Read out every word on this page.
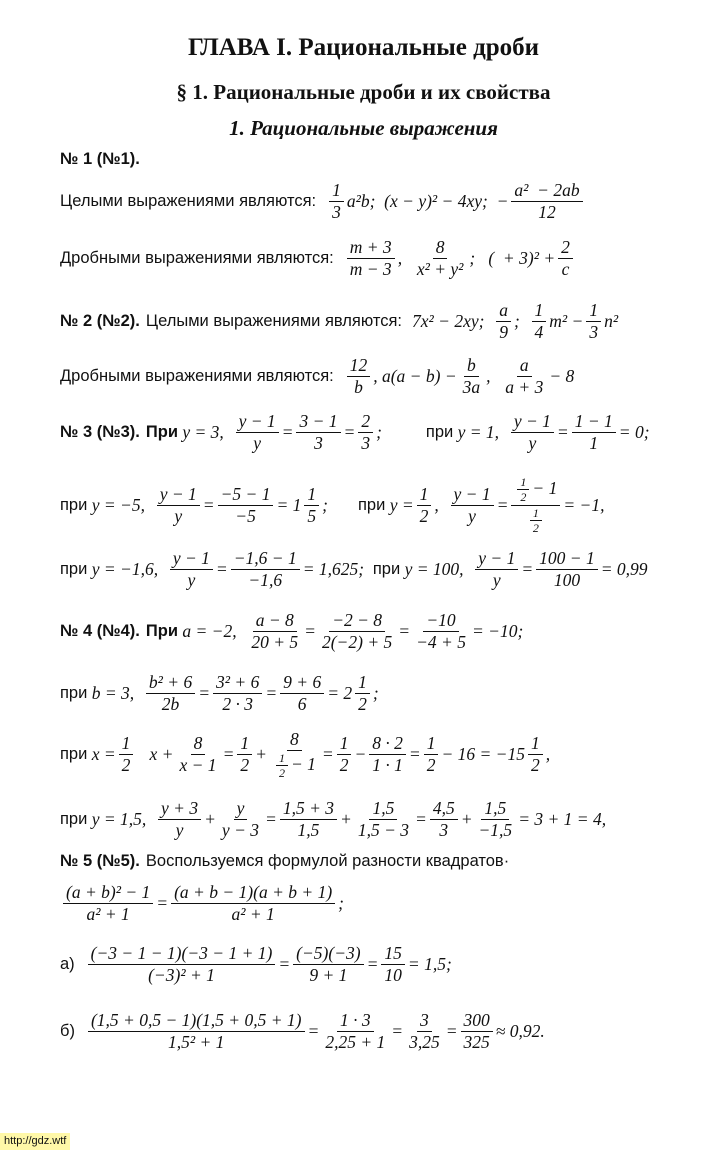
ГЛАВА I. Рациональные дроби
§ 1. Рациональные дроби и их свойства
1. Рациональные выражения
№ 1 (№1).
Целыми выражениями являются: $\frac{1}{3} a^2b$;  (x − y)² − 4xy;  − $\frac{\text{a²  − 2ab}}{12}$
Дробными выражениями являются: $\frac{m + 3}{m - 3}$ , $\frac{8}{\text{x² + y²}}$ ;   (  + $3)^2 + \frac{2}{c}$
№ 2 (№2). Целыми выражениями являются: 7x² − 2xy; $\frac{a}{9}$ ; $\frac{1}{4} m^2 - \frac{1}{3} n^2$
Дробными выражениями являются: $\frac{12}{b}$ , $a(a - b) - \frac{b}{3a}$ , $\frac{a}{a + 3} - 8$
№ 3 (№3). При y = 3, $\frac{y - 1}{y} = \frac{3 - 1}{3} = \frac{2}{3}$ ;	при y = 1, $\frac{y - 1}{y} = \frac{1 - 1}{1} = 0$;
при y = −5, $\frac{y - 1}{y} = \frac{-5 - 1}{-5} = 1 \frac{1}{5}$ ; при $y = \frac{1}{2}$ , $\frac{y - 1}{y} = \frac{\frac{1}{2} - 1}{\frac{1}{2}} = -1$,
при y = −1,6, $\frac{y - 1}{y} = \frac{-1,6 - 1}{-1,6} = 1,625$; при y = 100, $\frac{y - 1}{y} = \frac{100 - 1}{100} = 0,99$
№ 4 (№4). При a = −2, $\frac{a - 8}{20 + 5} = \frac{-2 - 8}{2(-2) + 5} = \frac{-10}{-4 + 5} = -10$;
при b = 3, $\frac{\text{b² + 6}}{2b} = \frac{\text{3² + 6}}{2 \cdot 3} = \frac{9 + 6}{6} = 2 \frac{1}{2}$ ;
при $x = \frac{1}{2}$ $x + \frac{8}{x - 1} = \frac{1}{2} + \frac{8}{\frac{1}{2} - 1} = \frac{1}{2} - \frac{8 \cdot 2}{1 \cdot 1} = \frac{1}{2} - 16 = -15 \frac{1}{2}$ ,
при y = 1,5, $\frac{y + 3}{y} + \frac{y}{y - 3} = \frac{1,5 + 3}{1,5} + \frac{1,5}{1,5 - 3} = \frac{4,5}{3} + \frac{1,5}{-1,5} = 3 + 1 = 4$,
№ 5 (№5). Воспользуемся формулой разности квадратов·
$\frac{\text{(a + b)² − 1}}{\text{a² + 1}} = \frac{(a + b - 1)(a + b + 1)}{\text{a² + 1}}$ ;
$а) \frac{(-3 - 1 - 1)(-3 - 1 + 1)}{\text{(−3)² + 1}} = \frac{(-5)(-3)}{9 + 1} = \frac{15}{10} = 1,5$;
$б) \frac{(1,5 + 0,5 - 1)(1,5 + 0,5 + 1)}{\text{1,5² + 1}} = \frac{1 \cdot 3}{2,25 + 1} = \frac{3}{3,25} = \frac{300}{325} \approx 0,92$.
http://gdz.wtf
